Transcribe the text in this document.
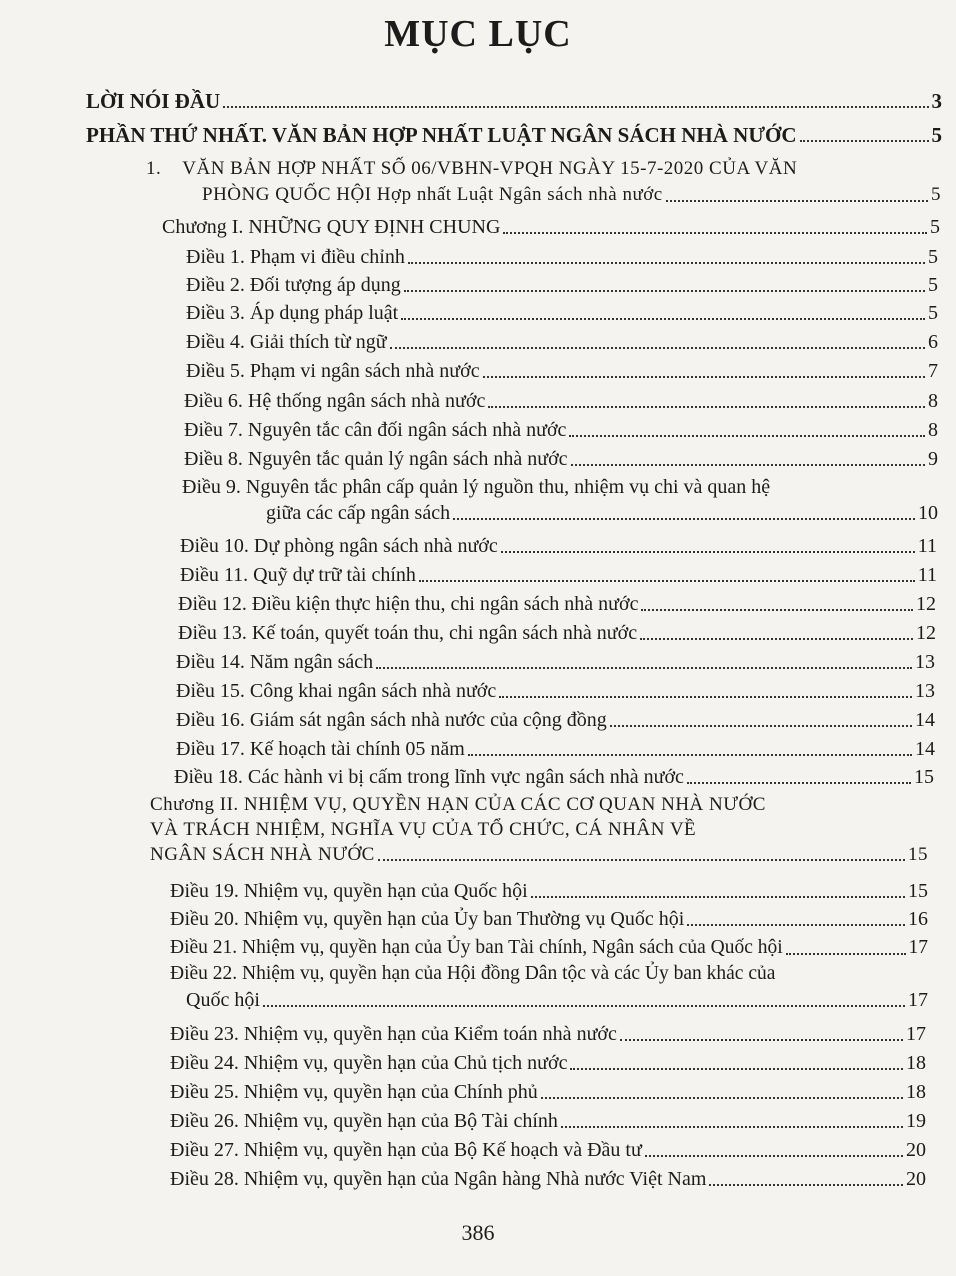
MỤC LỤC
LỜI NÓI ĐẦU	3
PHẦN THỨ NHẤT. VĂN BẢN HỢP NHẤT LUẬT NGÂN SÁCH NHÀ NƯỚC	5
1. VĂN BẢN HỢP NHẤT SỐ 06/VBHN-VPQH NGÀY 15-7-2020 CỦA VĂN
PHÒNG QUỐC HỘI Hợp nhất Luật Ngân sách nhà nước	5
Chương I. NHỮNG QUY ĐỊNH CHUNG	5
Điều 1. Phạm vi điều chỉnh	5
Điều 2. Đối tượng áp dụng	5
Điều 3. Áp dụng pháp luật	5
Điều 4. Giải thích từ ngữ	6
Điều 5. Phạm vi ngân sách nhà nước	7
Điều 6. Hệ thống ngân sách nhà nước	8
Điều 7. Nguyên tắc cân đối ngân sách nhà nước	8
Điều 8. Nguyên tắc quản lý ngân sách nhà nước	9
Điều 9. Nguyên tắc phân cấp quản lý nguồn thu, nhiệm vụ chi và quan hệ
giữa các cấp ngân sách	10
Điều 10. Dự phòng ngân sách nhà nước	11
Điều 11. Quỹ dự trữ tài chính	11
Điều 12. Điều kiện thực hiện thu, chi ngân sách nhà nước	12
Điều 13. Kế toán, quyết toán thu, chi ngân sách nhà nước	12
Điều 14. Năm ngân sách	13
Điều 15. Công khai ngân sách nhà nước	13
Điều 16. Giám sát ngân sách nhà nước của cộng đồng	14
Điều 17. Kế hoạch tài chính 05 năm	14
Điều 18. Các hành vi bị cấm trong lĩnh vực ngân sách nhà nước	15
Chương II. NHIỆM VỤ, QUYỀN HẠN CỦA CÁC CƠ QUAN NHÀ NƯỚC
VÀ TRÁCH NHIỆM, NGHĨA VỤ CỦA TỔ CHỨC, CÁ NHÂN VỀ
NGÂN SÁCH NHÀ NƯỚC	15
Điều 19. Nhiệm vụ, quyền hạn của Quốc hội	15
Điều 20. Nhiệm vụ, quyền hạn của Ủy ban Thường vụ Quốc hội	16
Điều 21. Nhiệm vụ, quyền hạn của Ủy ban Tài chính, Ngân sách của Quốc hội	17
Điều 22. Nhiệm vụ, quyền hạn của Hội đồng Dân tộc và các Ủy ban khác của
Quốc hội	17
Điều 23. Nhiệm vụ, quyền hạn của Kiểm toán nhà nước	17
Điều 24. Nhiệm vụ, quyền hạn của Chủ tịch nước	18
Điều 25. Nhiệm vụ, quyền hạn của Chính phủ	18
Điều 26. Nhiệm vụ, quyền hạn của Bộ Tài chính	19
Điều 27. Nhiệm vụ, quyền hạn của Bộ Kế hoạch và Đầu tư	20
Điều 28. Nhiệm vụ, quyền hạn của Ngân hàng Nhà nước Việt Nam	20
386
